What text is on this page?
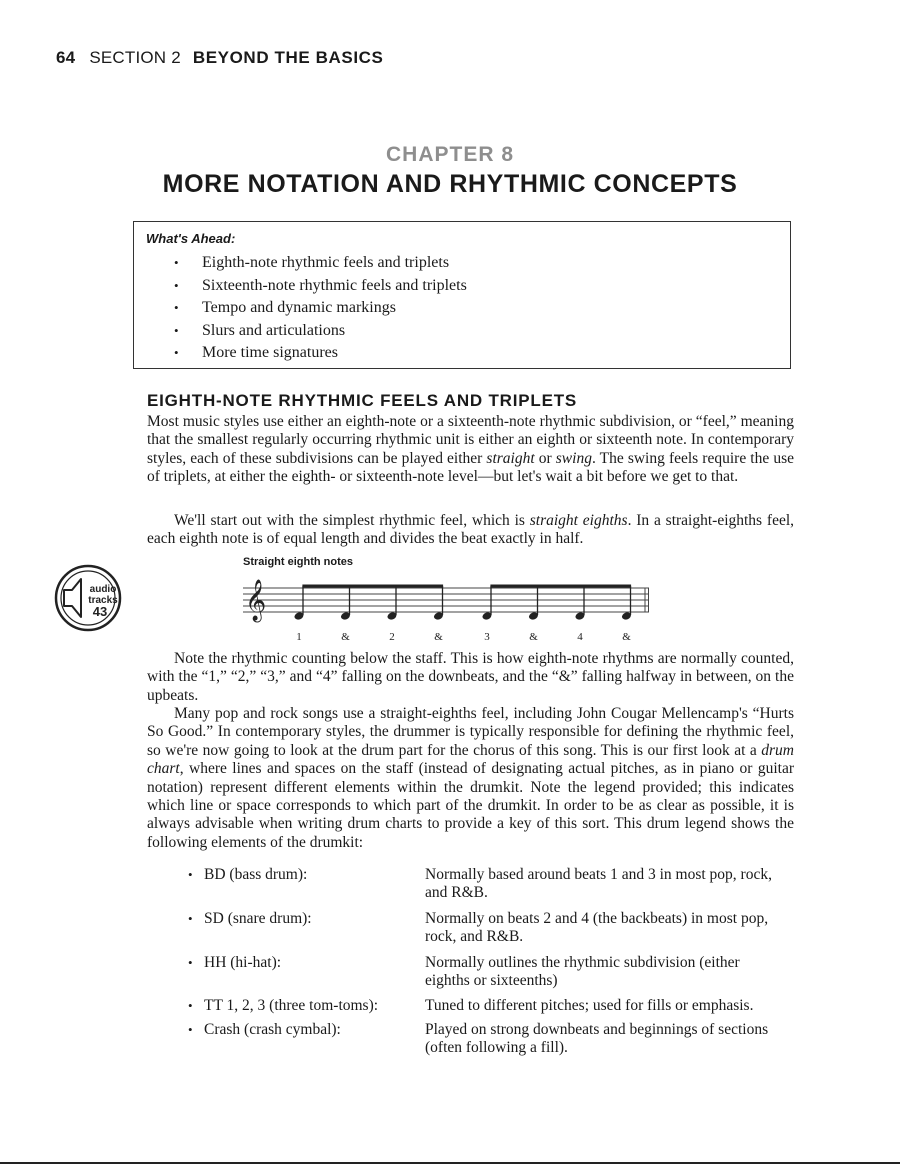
64 SECTION 2 BEYOND THE BASICS
CHAPTER 8
MORE NOTATION AND RHYTHMIC CONCEPTS
What's Ahead:
• Eighth-note rhythmic feels and triplets
• Sixteenth-note rhythmic feels and triplets
• Tempo and dynamic markings
• Slurs and articulations
• More time signatures
EIGHTH-NOTE RHYTHMIC FEELS AND TRIPLETS

Most music styles use either an eighth-note or a sixteenth-note rhythmic subdivision, or “feel,” meaning that the smallest regularly occurring rhythmic unit is either an eighth or sixteenth note. In contemporary styles, each of these subdivisions can be played either straight or swing. The swing feels require the use of triplets, at either the eighth- or sixteenth-note level—but let's wait a bit before we get to that.

We'll start out with the simplest rhythmic feel, which is straight eighths. In a straight-eighths feel, each eighth note is of equal length and divides the beat exactly in half.

audio
tracks
43
Straight eighth notes
𝄞
1	&	2	&	3	&	4	&

Note the rhythmic counting below the staff. This is how eighth-note rhythms are normally counted, with the “1,” “2,” “3,” and “4” falling on the downbeats, and the “&” falling halfway in between, on the upbeats.

Many pop and rock songs use a straight-eighths feel, including John Cougar Mellencamp's “Hurts So Good.” In contemporary styles, the drummer is typically responsible for defining the rhythmic feel, so we're now going to look at the drum part for the chorus of this song. This is our first look at a drum chart, where lines and spaces on the staff (instead of designating actual pitches, as in piano or guitar notation) represent different elements within the drumkit. Note the legend provided; this indicates which line or space corresponds to which part of the drumkit. In order to be as clear as possible, it is always advisable when writing drum charts to provide a key of this sort. This drum legend shows the following elements of the drumkit:

• BD (bass drum):	Normally based around beats 1 and 3 in most pop, rock, and R&B.
• SD (snare drum):	Normally on beats 2 and 4 (the backbeats) in most pop, rock, and R&B.
• HH (hi-hat):	Normally outlines the rhythmic subdivision (either eighths or sixteenths)
• TT 1, 2, 3 (three tom-toms):	Tuned to different pitches; used for fills or emphasis.
• Crash (crash cymbal):	Played on strong downbeats and beginnings of sections (often following a fill).
